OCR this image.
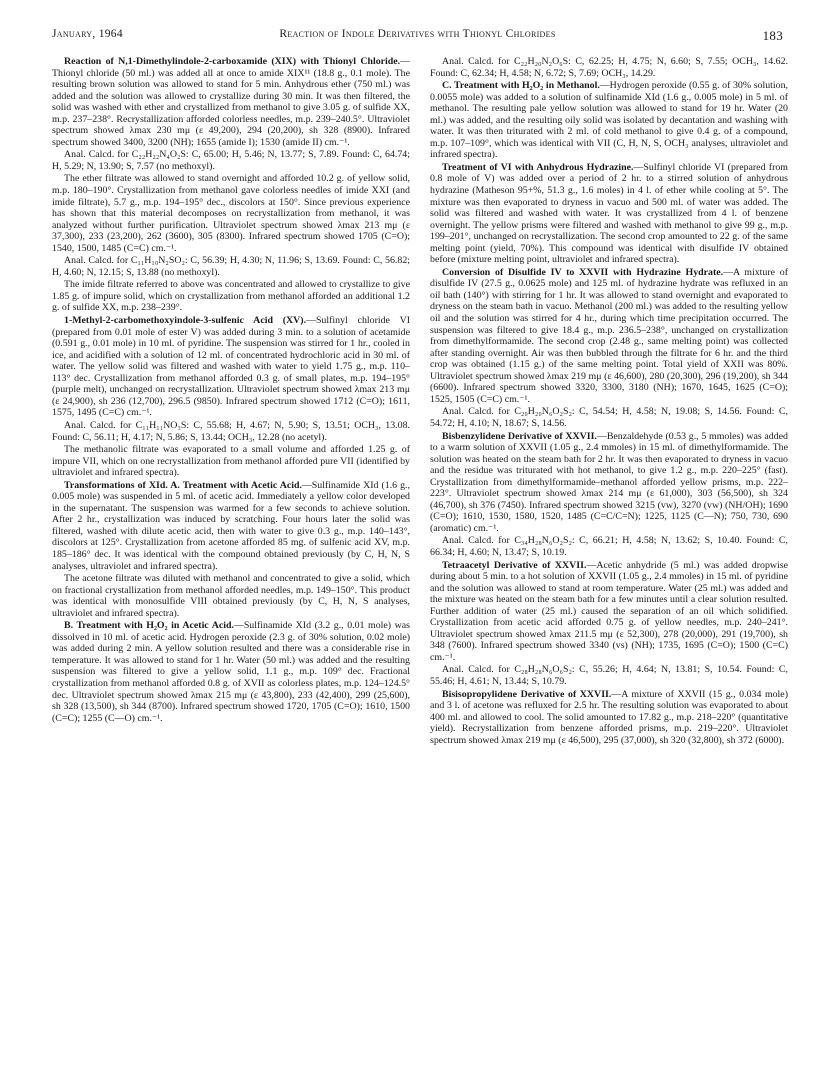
January, 1964	Reaction of Indole Derivatives with Thionyl Chlorides	183

Reaction of N,1-Dimethylindole-2-carboxamide (XIX) with Thionyl Chloride.—Thionyl chloride (50 ml.) was added all at once to amide XIX¹¹ (18.8 g., 0.1 mole). The resulting brown solution was allowed to stand for 5 min. Anhydrous ether (750 ml.) was added and the solution was allowed to crystallize during 30 min. It was then filtered, the solid was washed with ether and crystallized from methanol to give 3.05 g. of sulfide XX, m.p. 237–238°. Recrystallization afforded colorless needles, m.p. 239–240.5°. Ultraviolet spectrum showed λmax 230 mμ (ε 49,200), 294 (20,200), sh 328 (8900). Infrared spectrum showed 3400, 3200 (NH); 1655 (amide I); 1530 (amide II) cm.⁻¹.

Anal. Calcd. for C₂₂H₂₂N₄O₂S: C, 65.00; H, 5.46; N, 13.77; S, 7.89. Found: C, 64.74; H, 5.29; N, 13.90; S, 7.57 (no methoxyl).

The ether filtrate was allowed to stand overnight and afforded 10.2 g. of yellow solid, m.p. 180–190°. Crystallization from methanol gave colorless needles of imide XXI (and imide filtrate), 5.7 g., m.p. 194–195° dec., discolors at 150°. Since previous experience has shown that this material decomposes on recrystallization from methanol, it was analyzed without further purification. Ultraviolet spectrum showed λmax 213 mμ (ε 37,300), 233 (23,200), 262 (3600), 305 (8300). Infrared spectrum showed 1705 (C=O); 1540, 1500, 1485 (C=C) cm.⁻¹.

Anal. Calcd. for C₁₁H₁₀N₂SO₂: C, 56.39; H, 4.30; N, 11.96; S, 13.69. Found: C, 56.82; H, 4.60; N, 12.15; S, 13.88 (no methoxyl).

The imide filtrate referred to above was concentrated and allowed to crystallize to give 1.85 g. of impure solid, which on crystallization from methanol afforded an additional 1.2 g. of sulfide XX, m.p. 238–239°.

1-Methyl-2-carbomethoxyindole-3-sulfenic Acid (XV).—Sulfinyl chloride VI (prepared from 0.01 mole of ester V) was added during 3 min. to a solution of acetamide (0.591 g., 0.01 mole) in 10 ml. of pyridine. The suspension was stirred for 1 hr., cooled in ice, and acidified with a solution of 12 ml. of concentrated hydrochloric acid in 30 ml. of water. The yellow solid was filtered and washed with water to yield 1.75 g., m.p. 110–113° dec. Crystallization from methanol afforded 0.3 g. of small plates, m.p. 194–195° (purple melt), unchanged on recrystallization. Ultraviolet spectrum showed λmax 213 mμ (ε 24,900), sh 236 (12,700), 296.5 (9850). Infrared spectrum showed 1712 (C=O); 1611, 1575, 1495 (C=C) cm.⁻¹.

Anal. Calcd. for C₁₁H₁₁NO₃S: C, 55.68; H, 4.67; N, 5.90; S, 13.51; OCH₃, 13.08. Found: C, 56.11; H, 4.17; N, 5.86; S, 13.44; OCH₃, 12.28 (no acetyl).

The methanolic filtrate was evaporated to a small volume and afforded 1.25 g. of impure VII, which on one recrystallization from methanol afforded pure VII (identified by ultraviolet and infrared spectra).

Transformations of XId. A. Treatment with Acetic Acid.—Sulfinamide XId (1.6 g., 0.005 mole) was suspended in 5 ml. of acetic acid. Immediately a yellow color developed in the supernatant. The suspension was warmed for a few seconds to achieve solution. After 2 hr., crystallization was induced by scratching. Four hours later the solid was filtered, washed with dilute acetic acid, then with water to give 0.3 g., m.p. 140–143°, discolors at 125°. Crystallization from acetone afforded 85 mg. of sulfenic acid XV, m.p. 185–186° dec. It was identical with the compound obtained previously (by C, H, N, S analyses, ultraviolet and infrared spectra).

The acetone filtrate was diluted with methanol and concentrated to give a solid, which on fractional crystallization from methanol afforded needles, m.p. 149–150°. This product was identical with monosulfide VIII obtained previously (by C, H, N, S analyses, ultraviolet and infrared spectra).

B. Treatment with H₂O₂ in Acetic Acid.—Sulfinamide XId (3.2 g., 0.01 mole) was dissolved in 10 ml. of acetic acid. Hydrogen peroxide (2.3 g. of 30% solution, 0.02 mole) was added during 2 min. A yellow solution resulted and there was a considerable rise in temperature. It was allowed to stand for 1 hr. Water (50 ml.) was added and the resulting suspension was filtered to give a yellow solid, 1.1 g., m.p. 109° dec. Fractional crystallization from methanol afforded 0.8 g. of XVII as colorless plates, m.p. 124–124.5° dec. Ultraviolet spectrum showed λmax 215 mμ (ε 43,800), 233 (42,400), 299 (25,600), sh 328 (13,500), sh 344 (8700). Infrared spectrum showed 1720, 1705 (C=O); 1610, 1500 (C=C); 1255 (C—O) cm.⁻¹.

Anal. Calcd. for C₂₂H₂₀N₂O₆S: C, 62.25; H, 4.75; N, 6.60; S, 7.55; OCH₃, 14.62. Found: C, 62.34; H, 4.58; N, 6.72; S, 7.69; OCH₃, 14.29.

C. Treatment with H₂O₂ in Methanol.—Hydrogen peroxide (0.55 g. of 30% solution, 0.0055 mole) was added to a solution of sulfinamide XId (1.6 g., 0.005 mole) in 5 ml. of methanol. The resulting pale yellow solution was allowed to stand for 19 hr. Water (20 ml.) was added, and the resulting oily solid was isolated by decantation and washing with water. It was then triturated with 2 ml. of cold methanol to give 0.4 g. of a compound, m.p. 107–109°, which was identical with VII (C, H, N, S, OCH₃ analyses, ultraviolet and infrared spectra).

Treatment of VI with Anhydrous Hydrazine.—Sulfinyl chloride VI (prepared from 0.8 mole of V) was added over a period of 2 hr. to a stirred solution of anhydrous hydrazine (Matheson 95+%, 51.3 g., 1.6 moles) in 4 l. of ether while cooling at 5°. The mixture was then evaporated to dryness in vacuo and 500 ml. of water was added. The solid was filtered and washed with water. It was crystallized from 4 l. of benzene overnight. The yellow prisms were filtered and washed with methanol to give 99 g., m.p. 199–201°, unchanged on recrystallization. The second crop amounted to 22 g. of the same melting point (yield, 70%). This compound was identical with disulfide IV obtained before (mixture melting point, ultraviolet and infrared spectra).

Conversion of Disulfide IV to XXVII with Hydrazine Hydrate.—A mixture of disulfide IV (27.5 g., 0.0625 mole) and 125 ml. of hydrazine hydrate was refluxed in an oil bath (140°) with stirring for 1 hr. It was allowed to stand overnight and evaporated to dryness on the steam bath in vacuo. Methanol (200 ml.) was added to the resulting yellow oil and the solution was stirred for 4 hr., during which time precipitation occurred. The suspension was filtered to give 18.4 g., m.p. 236.5–238°, unchanged on crystallization from dimethylformamide. The second crop (2.48 g., same melting point) was collected after standing overnight. Air was then bubbled through the filtrate for 6 hr. and the third crop was obtained (1.15 g.) of the same melting point. Total yield of XXII was 80%. Ultraviolet spectrum showed λmax 219 mμ (ε 46,600), 280 (20,300), 296 (19,200), sh 344 (6600). Infrared spectrum showed 3320, 3300, 3180 (NH); 1670, 1645, 1625 (C=O); 1525, 1505 (C=C) cm.⁻¹.

Anal. Calcd. for C₂₀H₂₀N₆O₂S₂: C, 54.54; H, 4.58; N, 19.08; S, 14.56. Found: C, 54.72; H, 4.10; N, 18.67; S, 14.56.

Bisbenzylidene Derivative of XXVII.—Benzaldehyde (0.53 g., 5 mmoles) was added to a warm solution of XXVII (1.05 g., 2.4 mmoles) in 15 ml. of dimethylformamide. The solution was heated on the steam bath for 2 hr. It was then evaporated to dryness in vacuo and the residue was triturated with hot methanol, to give 1.2 g., m.p. 220–225° (fast). Crystallization from dimethylformamide–methanol afforded yellow prisms, m.p. 222–223°. Ultraviolet spectrum showed λmax 214 mμ (ε 61,000), 303 (56,500), sh 324 (46,700), sh 376 (7450). Infrared spectrum showed 3215 (vw), 3270 (vw) (NH/OH); 1690 (C=O); 1610, 1530, 1580, 1520, 1485 (C=C/C=N); 1225, 1125 (C—N); 750, 730, 690 (aromatic) cm.⁻¹.

Anal. Calcd. for C₃₄H₂₈N₆O₂S₂: C, 66.21; H, 4.58; N, 13.62; S, 10.40. Found: C, 66.34; H, 4.60; N, 13.47; S, 10.19.

Tetraacetyl Derivative of XXVII.—Acetic anhydride (5 ml.) was added dropwise during about 5 min. to a hot solution of XXVII (1.05 g., 2.4 mmoles) in 15 ml. of pyridine and the solution was allowed to stand at room temperature. Water (25 ml.) was added and the mixture was heated on the steam bath for a few minutes until a clear solution resulted. Further addition of water (25 ml.) caused the separation of an oil which solidified. Crystallization from acetic acid afforded 0.75 g. of yellow needles, m.p. 240–241°. Ultraviolet spectrum showed λmax 211.5 mμ (ε 52,300), 278 (20,000), 291 (19,700), sh 348 (7600). Infrared spectrum showed 3340 (vs) (NH); 1735, 1695 (C=O); 1500 (C=C) cm.⁻¹.

Anal. Calcd. for C₂₈H₂₈N₆O₆S₂: C, 55.26; H, 4.64; N, 13.81; S, 10.54. Found: C, 55.46; H, 4.61; N, 13.44; S, 10.79.

Bisisopropylidene Derivative of XXVII.—A mixture of XXVII (15 g., 0.034 mole) and 3 l. of acetone was refluxed for 2.5 hr. The resulting solution was evaporated to about 400 ml. and allowed to cool. The solid amounted to 17.82 g., m.p. 218–220° (quantitative yield). Recrystallization from benzene afforded prisms, m.p. 219–220°. Ultraviolet spectrum showed λmax 219 mμ (ε 46,500), 295 (37,000), sh 320 (32,800), sh 372 (6000).
